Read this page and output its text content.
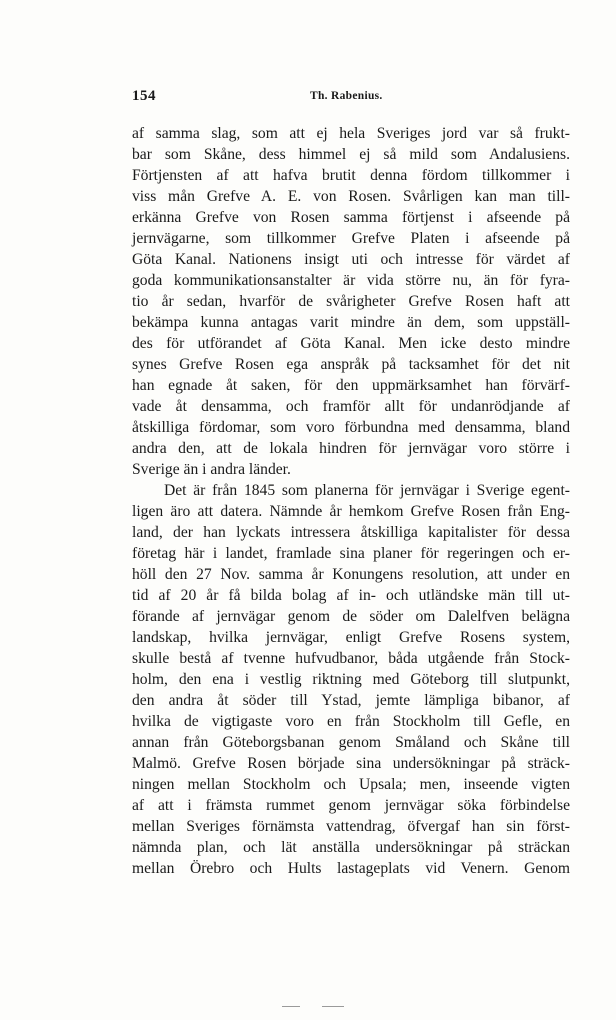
154	Th. Rabenius.
af samma slag, som att ej hela Sveriges jord var så frukt-
bar som Skåne, dess himmel ej så mild som Andalusiens.
Förtjensten af att hafva brutit denna fördom tillkommer i
viss mån Grefve A. E. von Rosen. Svårligen kan man till-
erkänna Grefve von Rosen samma förtjenst i afseende på
jernvägarne, som tillkommer Grefve Platen i afseende på
Göta Kanal. Nationens insigt uti och intresse för värdet af
goda kommunikationsanstalter är vida större nu, än för fyra-
tio år sedan, hvarför de svårigheter Grefve Rosen haft att
bekämpa kunna antagas varit mindre än dem, som uppställ-
des för utförandet af Göta Kanal. Men icke desto mindre
synes Grefve Rosen ega anspråk på tacksamhet för det nit
han egnade åt saken, för den uppmärksamhet han förvärf-
vade åt densamma, och framför allt för undanrödjande af
åtskilliga fördomar, som voro förbundna med densamma, bland
andra den, att de lokala hindren för jernvägar voro större i
Sverige än i andra länder.
Det är från 1845 som planerna för jernvägar i Sverige egent-
ligen äro att datera. Nämnde år hemkom Grefve Rosen från Eng-
land, der han lyckats intressera åtskilliga kapitalister för dessa
företag här i landet, framlade sina planer för regeringen och er-
höll den 27 Nov. samma år Konungens resolution, att under en
tid af 20 år få bilda bolag af in- och utländske män till ut-
förande af jernvägar genom de söder om Dalelfven belägna
landskap, hvilka jernvägar, enligt Grefve Rosens system,
skulle bestå af tvenne hufvudbanor, båda utgående från Stock-
holm, den ena i vestlig riktning med Göteborg till slutpunkt,
den andra åt söder till Ystad, jemte lämpliga bibanor, af
hvilka de vigtigaste voro en från Stockholm till Gefle, en
annan från Göteborgsbanan genom Småland och Skåne till
Malmö. Grefve Rosen började sina undersökningar på sträck-
ningen mellan Stockholm och Upsala; men, inseende vigten
af att i främsta rummet genom jernvägar söka förbindelse
mellan Sveriges förnämsta vattendrag, öfvergaf han sin först-
nämnda plan, och lät anställa undersökningar på sträckan
mellan Örebro och Hults lastageplats vid Venern. Genom
